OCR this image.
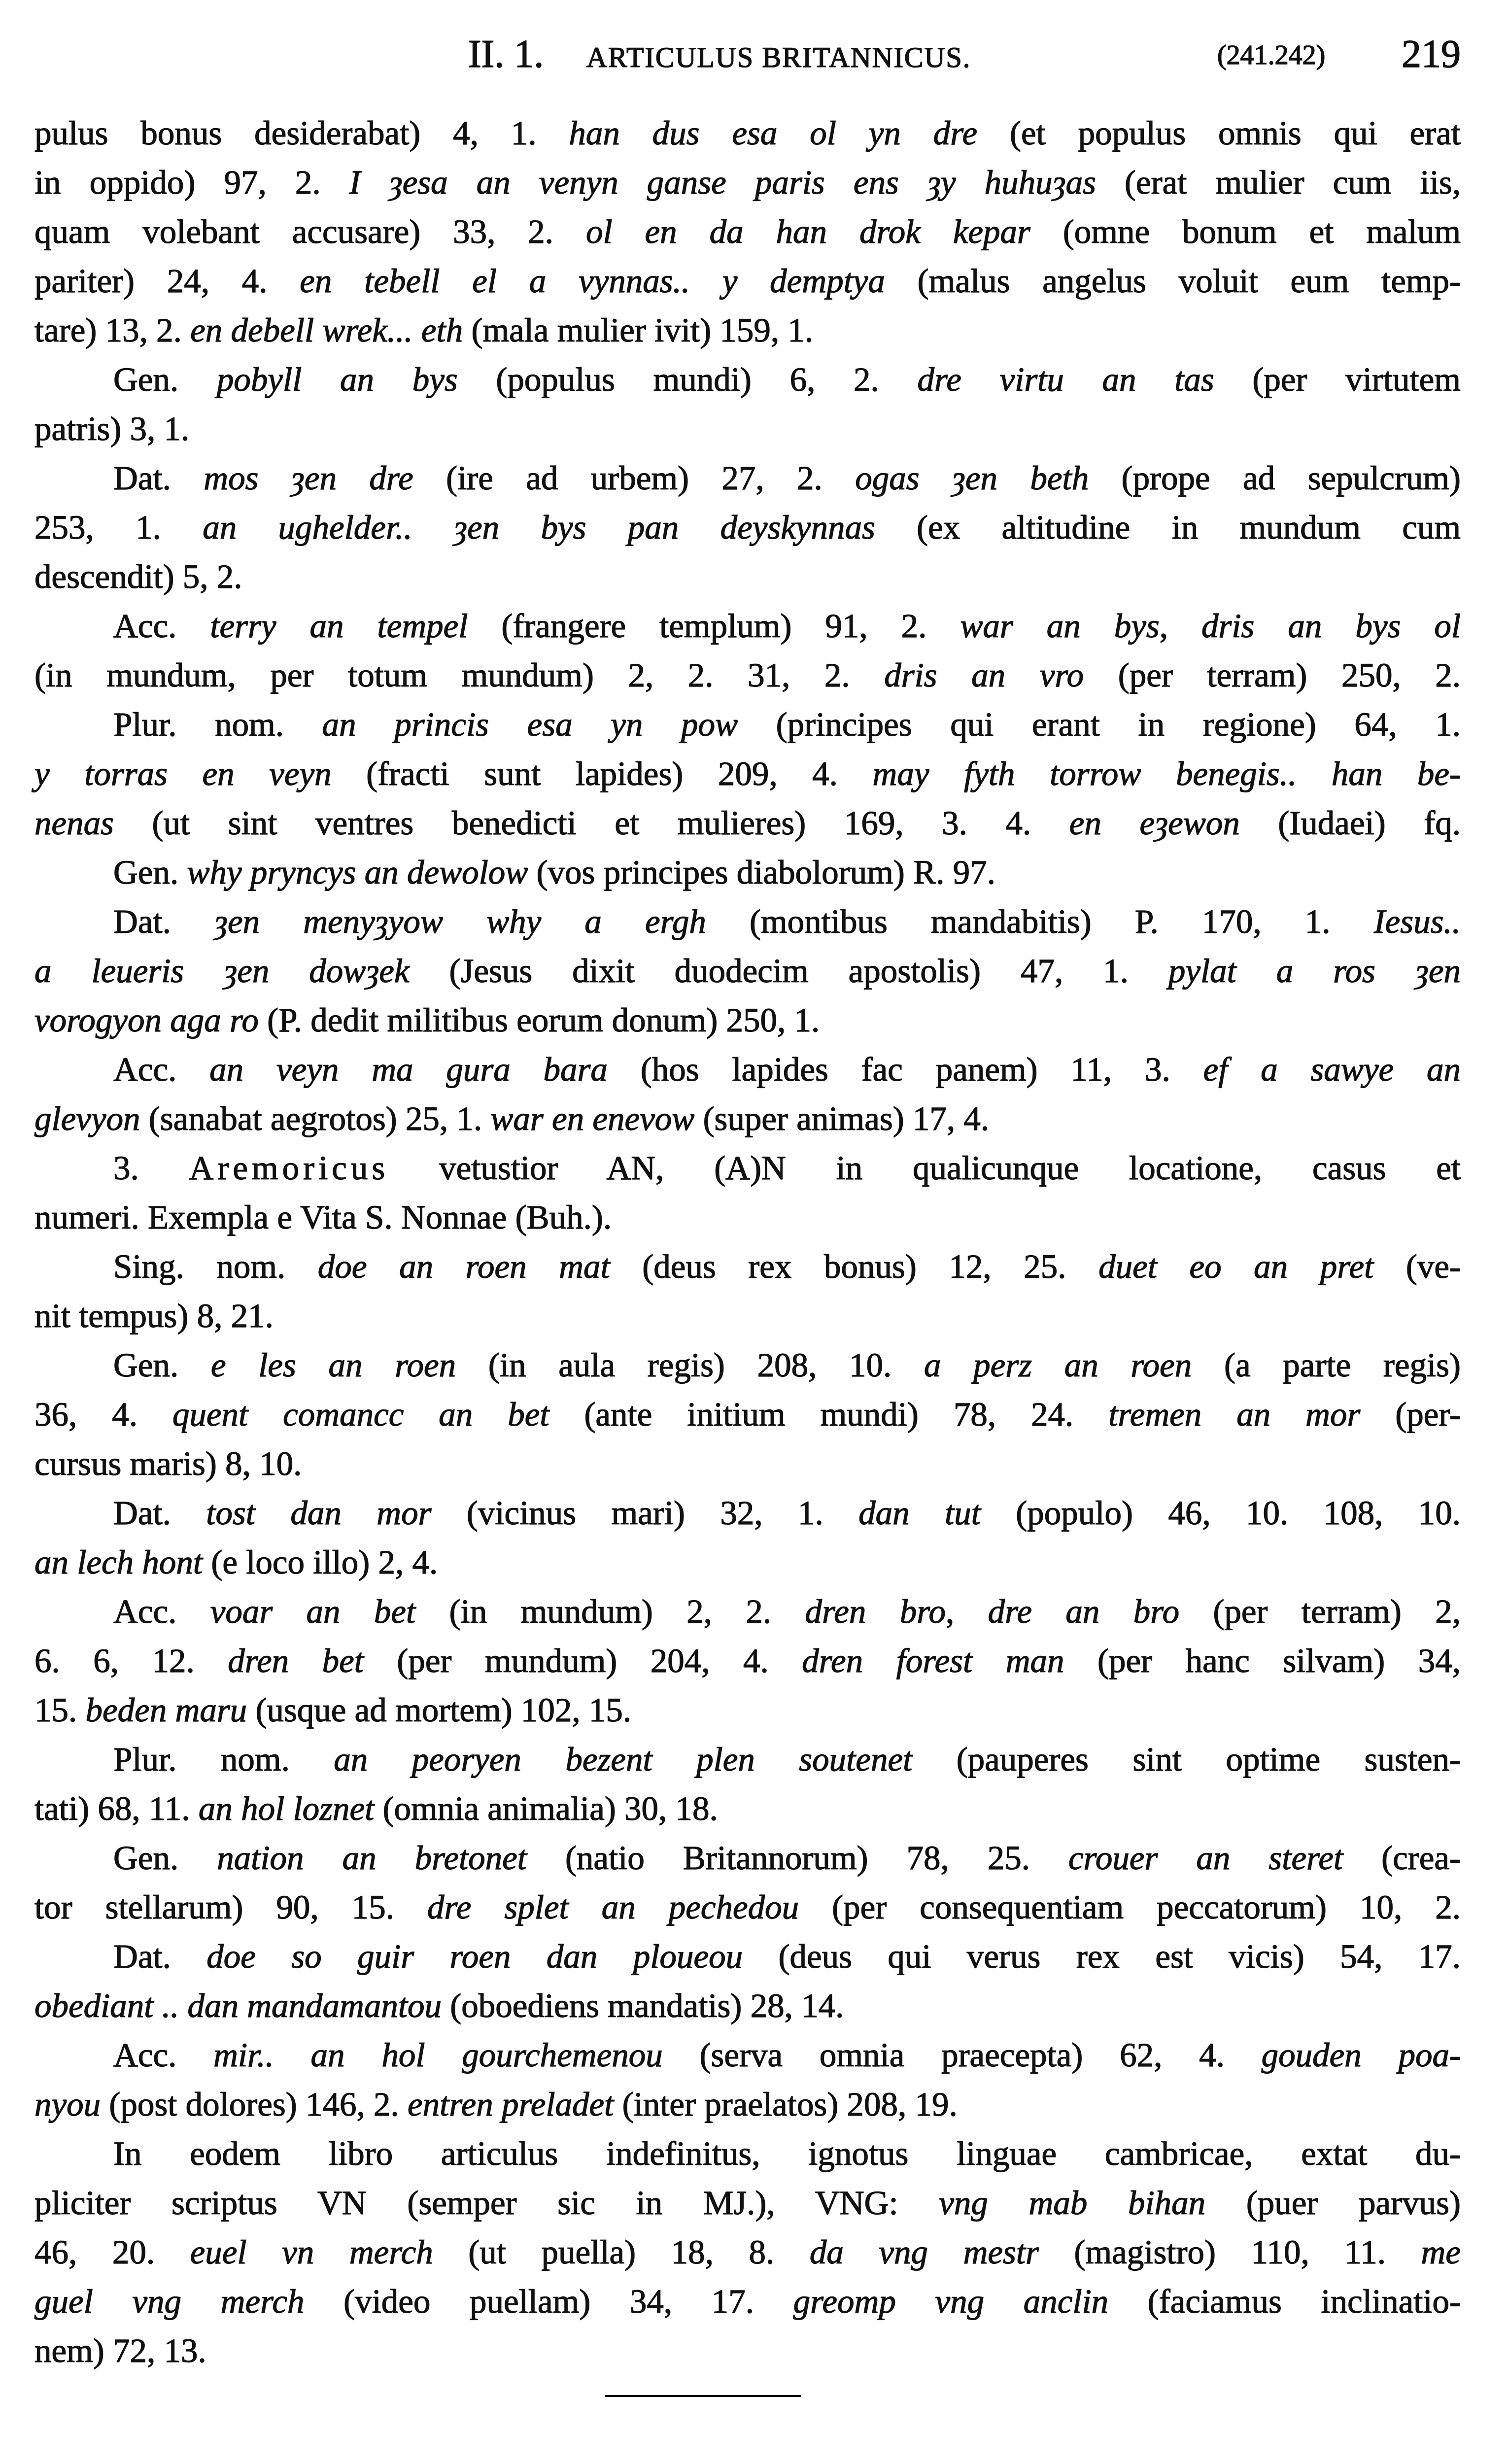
II. 1. ARTICULUS BRITANNICUS.	(241.242) 219
pulus bonus desiderabat) 4, 1. han dus esa ol yn dre (et populus omnis qui erat
in oppido) 97, 2. I ȝesa an venyn ganse paris ens ȝy huhuȝas (erat mulier cum iis,
quam volebant accusare) 33, 2. ol en da han drok kepar (omne bonum et malum
pariter) 24, 4. en tebell el a vynnas.. y demptya (malus angelus voluit eum temp-
tare) 13, 2. en debell wrek... eth (mala mulier ivit) 159, 1.
Gen. pobyll an bys (populus mundi) 6, 2. dre virtu an tas (per virtutem
patris) 3, 1.
Dat. mos ȝen dre (ire ad urbem) 27, 2. ogas ȝen beth (prope ad sepulcrum)
253, 1. an ughelder.. ȝen bys pan deyskynnas (ex altitudine in mundum cum
descendit) 5, 2.
Acc. terry an tempel (frangere templum) 91, 2. war an bys, dris an bys ol
(in mundum, per totum mundum) 2, 2. 31, 2. dris an vro (per terram) 250, 2.
Plur. nom. an princis esa yn pow (principes qui erant in regione) 64, 1.
y torras en veyn (fracti sunt lapides) 209, 4. may fyth torrow benegis.. han be-
nenas (ut sint ventres benedicti et mulieres) 169, 3. 4. en eȝewon (Iudaei) fq.
Gen. why pryncys an dewolow (vos principes diabolorum) R. 97.
Dat. ȝen menyȝyow why a ergh (montibus mandabitis) P. 170, 1. Iesus..
a leueris ȝen dowȝek (Jesus dixit duodecim apostolis) 47, 1. pylat a ros ȝen
vorogyon aga ro (P. dedit militibus eorum donum) 250, 1.
Acc. an veyn ma gura bara (hos lapides fac panem) 11, 3. ef a sawye an
glevyon (sanabat aegrotos) 25, 1. war en enevow (super animas) 17, 4.
3. Aremoricus vetustior AN, (A)N in qualicunque locatione, casus et
numeri. Exempla e Vita S. Nonnae (Buh.).
Sing. nom. doe an roen mat (deus rex bonus) 12, 25. duet eo an pret (ve-
nit tempus) 8, 21.
Gen. e les an roen (in aula regis) 208, 10. a perz an roen (a parte regis)
36, 4. quent comancc an bet (ante initium mundi) 78, 24. tremen an mor (per-
cursus maris) 8, 10.
Dat. tost dan mor (vicinus mari) 32, 1. dan tut (populo) 46, 10. 108, 10.
an lech hont (e loco illo) 2, 4.
Acc. voar an bet (in mundum) 2, 2. dren bro, dre an bro (per terram) 2,
6. 6, 12. dren bet (per mundum) 204, 4. dren forest man (per hanc silvam) 34,
15. beden maru (usque ad mortem) 102, 15.
Plur. nom. an peoryen bezent plen soutenet (pauperes sint optime susten-
tati) 68, 11. an hol loznet (omnia animalia) 30, 18.
Gen. nation an bretonet (natio Britannorum) 78, 25. crouer an steret (crea-
tor stellarum) 90, 15. dre splet an pechedou (per consequentiam peccatorum) 10, 2.
Dat. doe so guir roen dan ploueou (deus qui verus rex est vicis) 54, 17.
obediant .. dan mandamantou (oboediens mandatis) 28, 14.
Acc. mir.. an hol gourchemenou (serva omnia praecepta) 62, 4. gouden poa-
nyou (post dolores) 146, 2. entren preladet (inter praelatos) 208, 19.
In eodem libro articulus indefinitus, ignotus linguae cambricae, extat du-
pliciter scriptus VN (semper sic in MJ.), VNG: vng mab bihan (puer parvus)
46, 20. euel vn merch (ut puella) 18, 8. da vng mestr (magistro) 110, 11. me
guel vng merch (video puellam) 34, 17. greomp vng anclin (faciamus inclinatio-
nem) 72, 13.
